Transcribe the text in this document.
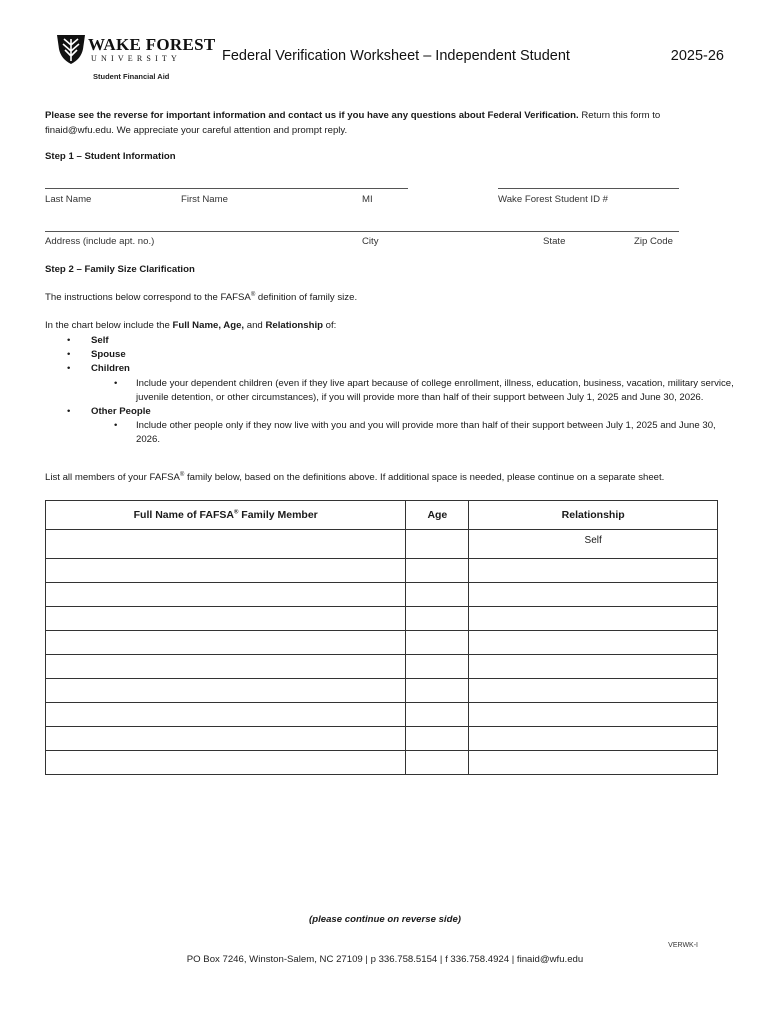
WAKE FOREST
UNIVERSITY
Student Financial Aid
Federal Verification Worksheet – Independent Student	2025-26
Please see the reverse for important information and contact us if you have any questions about Federal Verification. Return this form to finaid@wfu.edu. We appreciate your careful attention and prompt reply.
Step 1 – Student Information
Last Name	First Name	MI	Wake Forest Student ID #
Address (include apt. no.)	City	State	Zip Code
Step 2 – Family Size Clarification
The instructions below correspond to the FAFSA® definition of family size.
In the chart below include the Full Name, Age, and Relationship of:
• Self
• Spouse
• Children
• Include your dependent children (even if they live apart because of college enrollment, illness, education, business, vacation, military service, juvenile detention, or other circumstances), if you will provide more than half of their support between July 1, 2025 and June 30, 2026.
• Other People
• Include other people only if they now live with you and you will provide more than half of their support between July 1, 2025 and June 30, 2026.
List all members of your FAFSA® family below, based on the definitions above. If additional space is needed, please continue on a separate sheet.
Full Name of FAFSA® Family Member	Age	Relationship
		Self

(please continue on reverse side)
VERWK-I
PO Box 7246, Winston-Salem, NC 27109 | p 336.758.5154 | f 336.758.4924 | finaid@wfu.edu
